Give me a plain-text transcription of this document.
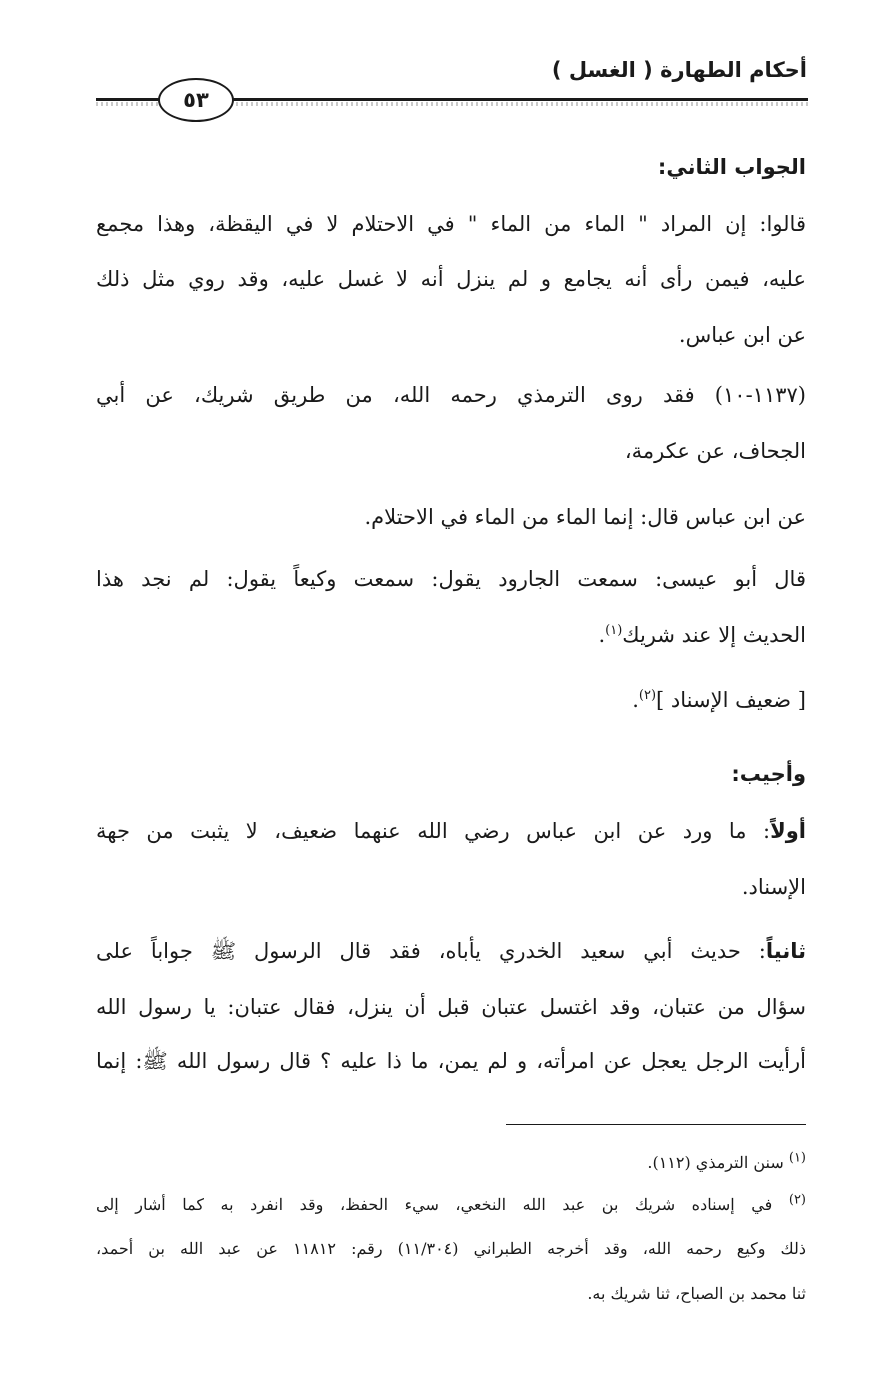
أحكام الطهارة ( الغسل )
٥٣
الجواب الثاني:
قالوا: إن المراد " الماء من الماء " في الاحتلام لا في اليقظة، وهذا مجمع
عليه، فيمن رأى أنه يجامع و لم ينزل أنه لا غسل عليه، وقد روي مثل ذلك
عن ابن عباس.
(١١٣٧-١٠) فقد روى الترمذي رحمه الله، من طريق شريك، عن أبي
الجحاف، عن عكرمة،
عن ابن عباس قال: إنما الماء من الماء في الاحتلام.
قال أبو عيسى: سمعت الجارود يقول: سمعت وكيعاً يقول: لم نجد هذا
الحديث إلا عند شريك$^{(١)}$.
[ ضعيف الإسناد ]$^{(٢)}$.
وأجيب:
أولاً: ما ورد عن ابن عباس رضي الله عنهما ضعيف، لا يثبت من جهة
الإسناد.
ثانياً: حديث أبي سعيد الخدري يأباه، فقد قال الرسول ﷺ جواباً على
سؤال من عتبان، وقد اغتسل عتبان قبل أن ينزل، فقال عتبان: يا رسول الله
أرأيت الرجل يعجل عن امرأته، و لم يمن، ما ذا عليه ؟ قال رسول الله ﷺ: إنما
$^{(١)}$ سنن الترمذي (١١٢).
$^{(٢)}$ في إسناده شريك بن عبد الله النخعي، سيء الحفظ، وقد انفرد به كما أشار إلى
ذلك وكيع رحمه الله، وقد أخرجه الطبراني (١١/٣٠٤) رقم: ١١٨١٢ عن عبد الله بن أحمد،
ثنا محمد بن الصباح، ثنا شريك به.
